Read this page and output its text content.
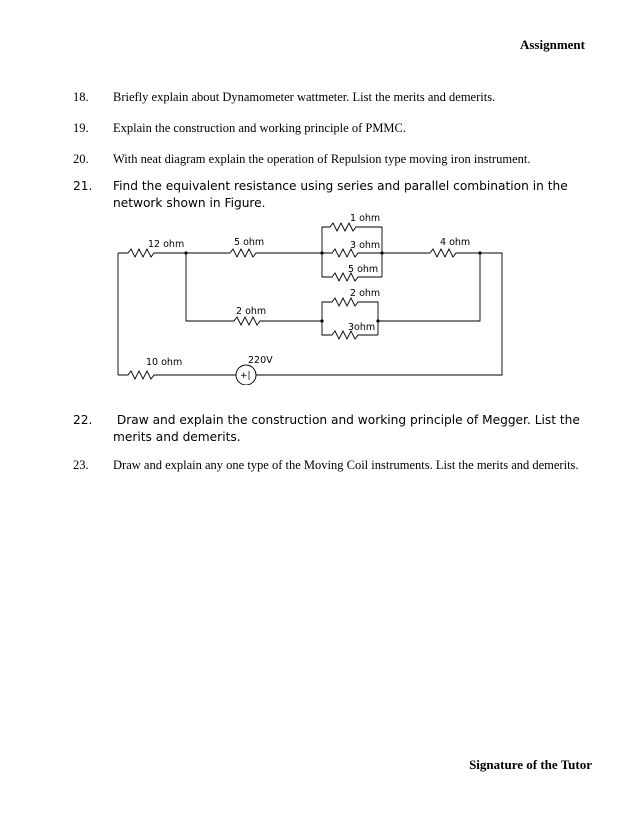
Assignment
18. Briefly explain about Dynamometer wattmeter. List the merits and demerits.
19. Explain the construction and working principle of PMMC.
20. With neat diagram explain the operation of Repulsion type moving iron instrument.
21. Find the equivalent resistance using series and parallel combination in the network shown in Figure.
12 ohm	5 ohm
1 ohm
3 ohm
5 ohm
4 ohm
2 ohm
2 ohm
3ohm
10 ohm	220V
+|
22. Draw and explain the construction and working principle of Megger. List the merits and demerits.
23. Draw and explain any one type of the Moving Coil instruments. List the merits and demerits.
Signature of the Tutor
